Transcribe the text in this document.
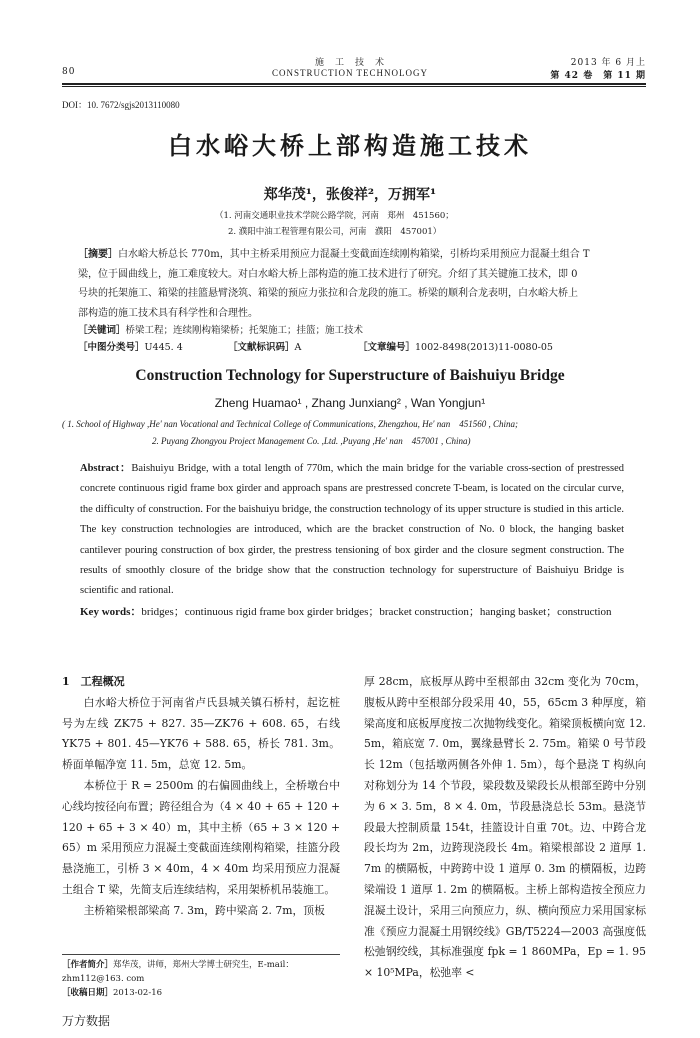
80
施　工　技　术
CONSTRUCTION TECHNOLOGY
2013 年 6 月上
第 42 卷　第 11 期
DOI：10. 7672/sgjs2013110080
白水峪大桥上部构造施工技术
郑华茂¹，张俊祥²，万拥军¹
（1. 河南交通职业技术学院公路学院，河南　郑州　451560；
2. 濮阳中油工程管理有限公司，河南　濮阳　457001）
［摘要］白水峪大桥总长 770m，其中主桥采用预应力混凝土变截面连续刚构箱梁，引桥均采用预应力混凝土组合 T
梁，位于圆曲线上，施工难度较大。对白水峪大桥上部构造的施工技术进行了研究。介绍了其关键施工技术，即 0
号块的托架施工、箱梁的挂篮悬臂浇筑、箱梁的预应力张拉和合龙段的施工。桥梁的顺利合龙表明，白水峪大桥上
部构造的施工技术具有科学性和合理性。
［关键词］桥梁工程；连续刚构箱梁桥；托架施工；挂篮；施工技术
［中图分类号］U445. 4	［文献标识码］A	［文章编号］1002-8498(2013)11-0080-05
Construction Technology for Superstructure of Baishuiyu Bridge
Zheng Huamao¹ , Zhang Junxiang² , Wan Yongjun¹
( 1. School of Highway ,He' nan Vocational and Technical College of Communications, Zhengzhou, He' nan　451560 , China;
2. Puyang Zhongyou Project Management Co. ,Ltd. ,Puyang ,He' nan　457001 , China)

Abstract：Baishuiyu Bridge, with a total length of 770m, which the main bridge for the variable cross-section of prestressed concrete continuous rigid frame box girder and approach spans are prestressed concrete T-beam, is located on the circular curve, the difficulty of construction. For the baishuiyu bridge, the construction technology of its upper structure is studied in this article. The key construction technologies are introduced, which are the bracket construction of No. 0 block, the hanging basket cantilever pouring construction of box girder, the prestress tensioning of box girder and the closure segment construction. The results of smoothly closure of the bridge show that the construction technology for superstructure of Baishuiyu Bridge is scientific and rational.

Key words：bridges；continuous rigid frame box girder bridges；bracket construction；hanging basket；construction

1　工程概况

白水峪大桥位于河南省卢氏县城关镇石桥村，起讫桩号为左线 ZK75 + 827. 35—ZK76 + 608. 65，右线 YK75 + 801. 45—YK76 + 588. 65，桥长 781. 3m。桥面单幅净宽 11. 5m，总宽 12. 5m。

本桥位于 R = 2500m 的右偏圆曲线上，全桥墩台中心线均按径向布置；跨径组合为（4 × 40 + 65 + 120 + 120 + 65 + 3 × 40）m，其中主桥（65 + 3 × 120 + 65）m 采用预应力混凝土变截面连续刚构箱梁，挂篮分段悬浇施工，引桥 3 × 40m，4 × 40m 均采用预应力混凝土组合 T 梁，先简支后连续结构，采用架桥机吊装施工。

主桥箱梁根部梁高 7. 3m，跨中梁高 2. 7m，顶板

［作者简介］郑华茂，讲师，郑州大学博士研究生，E-mail：zhm112@163. com
［收稿日期］2013-02-16

厚 28cm，底板厚从跨中至根部由 32cm 变化为 70cm，腹板从跨中至根部分段采用 40，55，65cm 3 种厚度，箱梁高度和底板厚度按二次抛物线变化。箱梁顶板横向宽 12. 5m，箱底宽 7. 0m，翼缘悬臂长 2. 75m。箱梁 0 号节段长 12m（包括墩两侧各外伸 1. 5m），每个悬浇 T 构纵向对称划分为 14 个节段，梁段数及梁段长从根部至跨中分别为 6 × 3. 5m，8 × 4. 0m，节段悬浇总长 53m。悬浇节段最大控制质量 154t，挂篮设计自重 70t。边、中跨合龙段长均为 2m，边跨现浇段长 4m。箱梁根部设 2 道厚 1. 7m 的横隔板，中跨跨中设 1 道厚 0. 3m 的横隔板，边跨梁端设 1 道厚 1. 2m 的横隔板。主桥上部构造按全预应力混凝土设计，采用三向预应力，纵、横向预应力采用国家标准《预应力混凝土用钢绞线》GB/T5224—2003 高强度低松弛钢绞线，其标准强度 fpk = 1 860MPa，Ep = 1. 95 × 10⁵MPa，松弛率 <

万方数据
